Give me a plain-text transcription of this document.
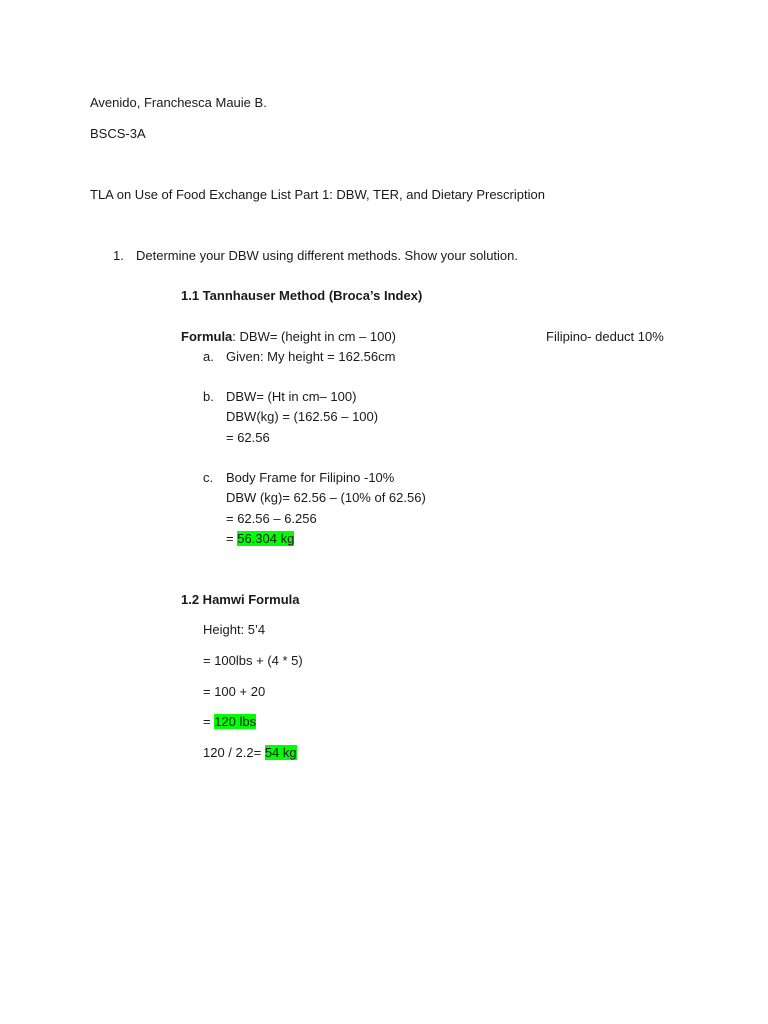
Avenido, Franchesca Mauie B.
BSCS-3A
TLA on Use of Food Exchange List Part 1: DBW, TER, and Dietary Prescription
1. Determine your DBW using different methods. Show your solution.
1.1 Tannhauser Method (Broca’s Index)
Formula: DBW= (height in cm – 100)	Filipino- deduct 10%
a. Given: My height = 162.56cm
b. DBW= (Ht in cm– 100)
DBW(kg) = (162.56 – 100)
= 62.56
c. Body Frame for Filipino -10%
DBW (kg)= 62.56 – (10% of 62.56)
= 62.56 – 6.256
= 56.304 kg
1.2 Hamwi Formula
Height: 5’4
= 100lbs + (4 * 5)
= 100 + 20
= 120 lbs
120 / 2.2= 54 kg
